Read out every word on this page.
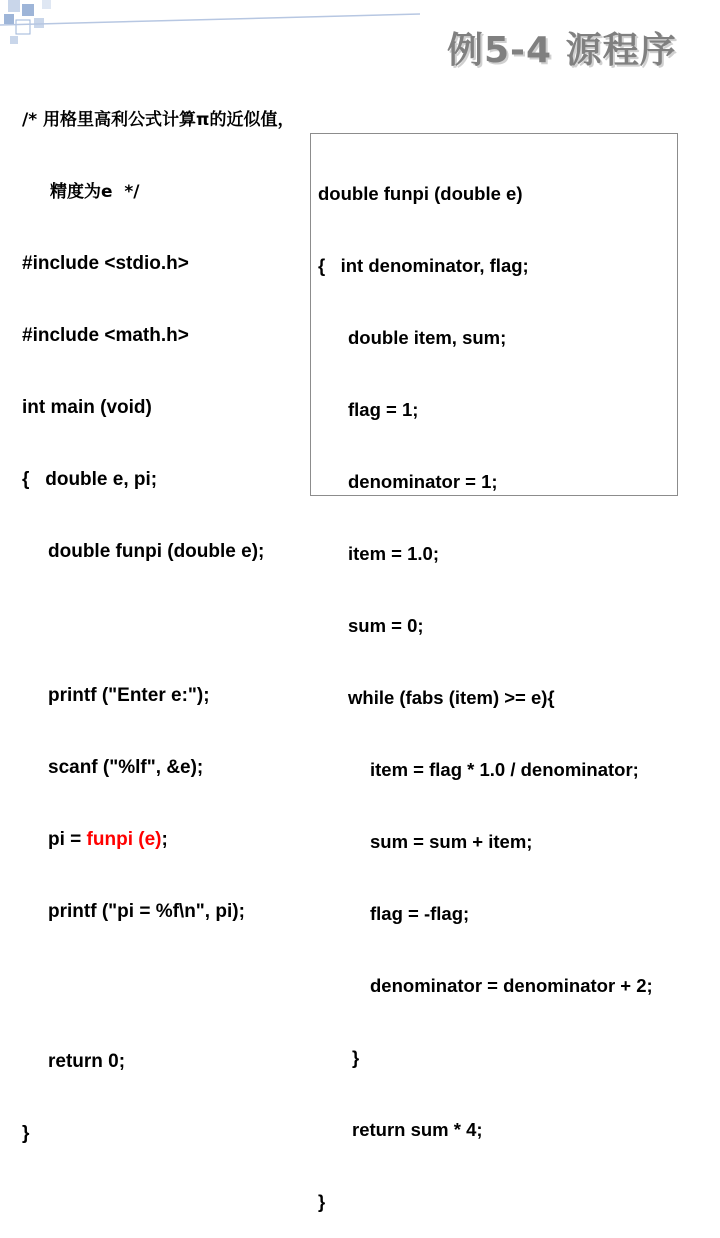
例5-4 源程序

/* 用格里高利公式计算π的近似值，

精度为e  */

#include <stdio.h>

#include <math.h>

int main (void)

{   double e, pi;

double funpi (double e);

printf ("Enter e:");

scanf ("%lf", &e);

pi = funpi (e);

printf ("pi = %f\n", pi);

return 0;

}

double funpi (double e)

{   int denominator, flag;

double item, sum;

flag = 1;

denominator = 1;

item = 1.0;

sum = 0;

while (fabs (item) >= e){

item = flag * 1.0 / denominator;

sum = sum + item;

flag = -flag;

denominator = denominator + 2;

}

return sum * 4;

}
